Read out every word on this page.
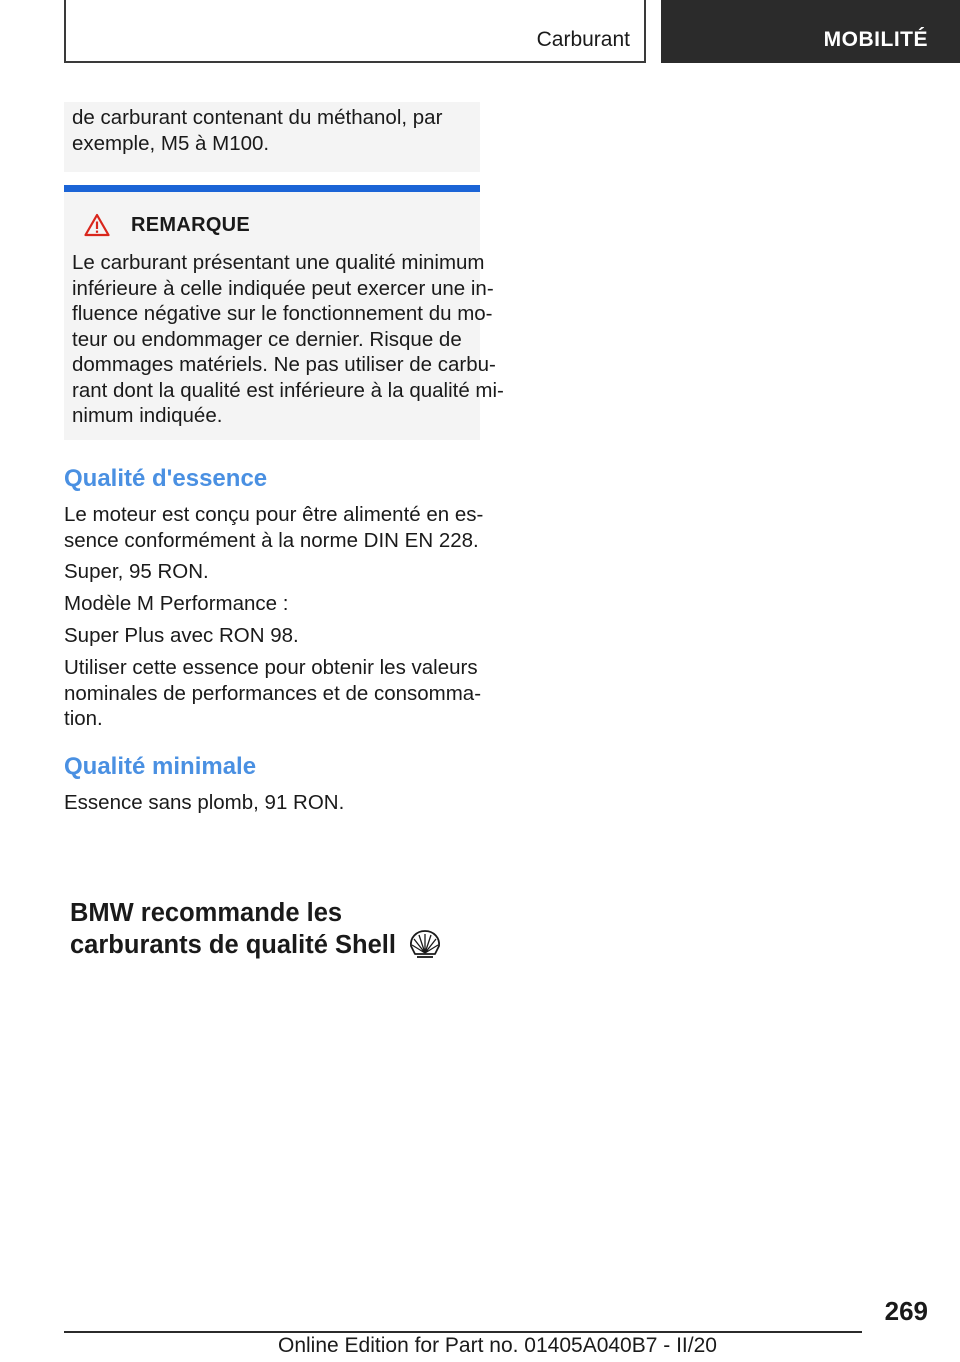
Carburant	MOBILITÉ

de carburant contenant du méthanol, par

exemple, M5 à M100.

REMARQUE

Le carburant présentant une qualité minimum

inférieure à celle indiquée peut exercer une in-

fluence négative sur le fonctionnement du mo-

teur ou endommager ce dernier. Risque de

dommages matériels. Ne pas utiliser de carbu-

rant dont la qualité est inférieure à la qualité mi-

nimum indiquée.

Qualité d'essence

Le moteur est conçu pour être alimenté en es-

sence conformément à la norme DIN EN 228.

Super, 95 RON.

Modèle M Performance :

Super Plus avec RON 98.

Utiliser cette essence pour obtenir les valeurs

nominales de performances et de consomma-

tion.

Qualité minimale

Essence sans plomb, 91 RON.

BMW recommande les
carburants de qualité Shell
269
Online Edition for Part no. 01405A040B7 - II/20
